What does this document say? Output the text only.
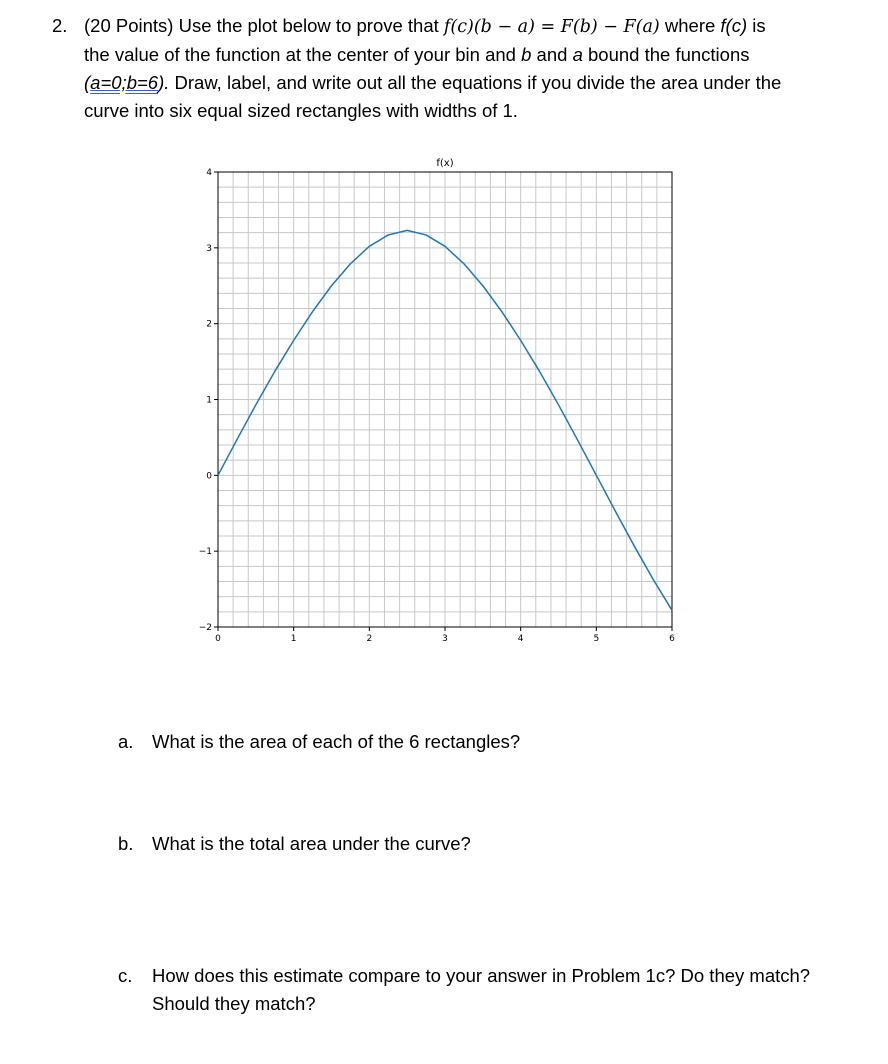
2. (20 Points) Use the plot below to prove that f(c)(b − a) = F(b) − F(a) where f(c) is
the value of the function at the center of your bin and b and a bound the functions
(a=0;b=6). Draw, label, and write out all the equations if you divide the area under the
curve into six equal sized rectangles with widths of 1.
0	1	2	3	4	5	6
−2
−1
0
1
2
3
4
f(x)
a. What is the area of each of the 6 rectangles?
b. What is the total area under the curve?
c. How does this estimate compare to your answer in Problem 1c? Do they match?
Should they match?
